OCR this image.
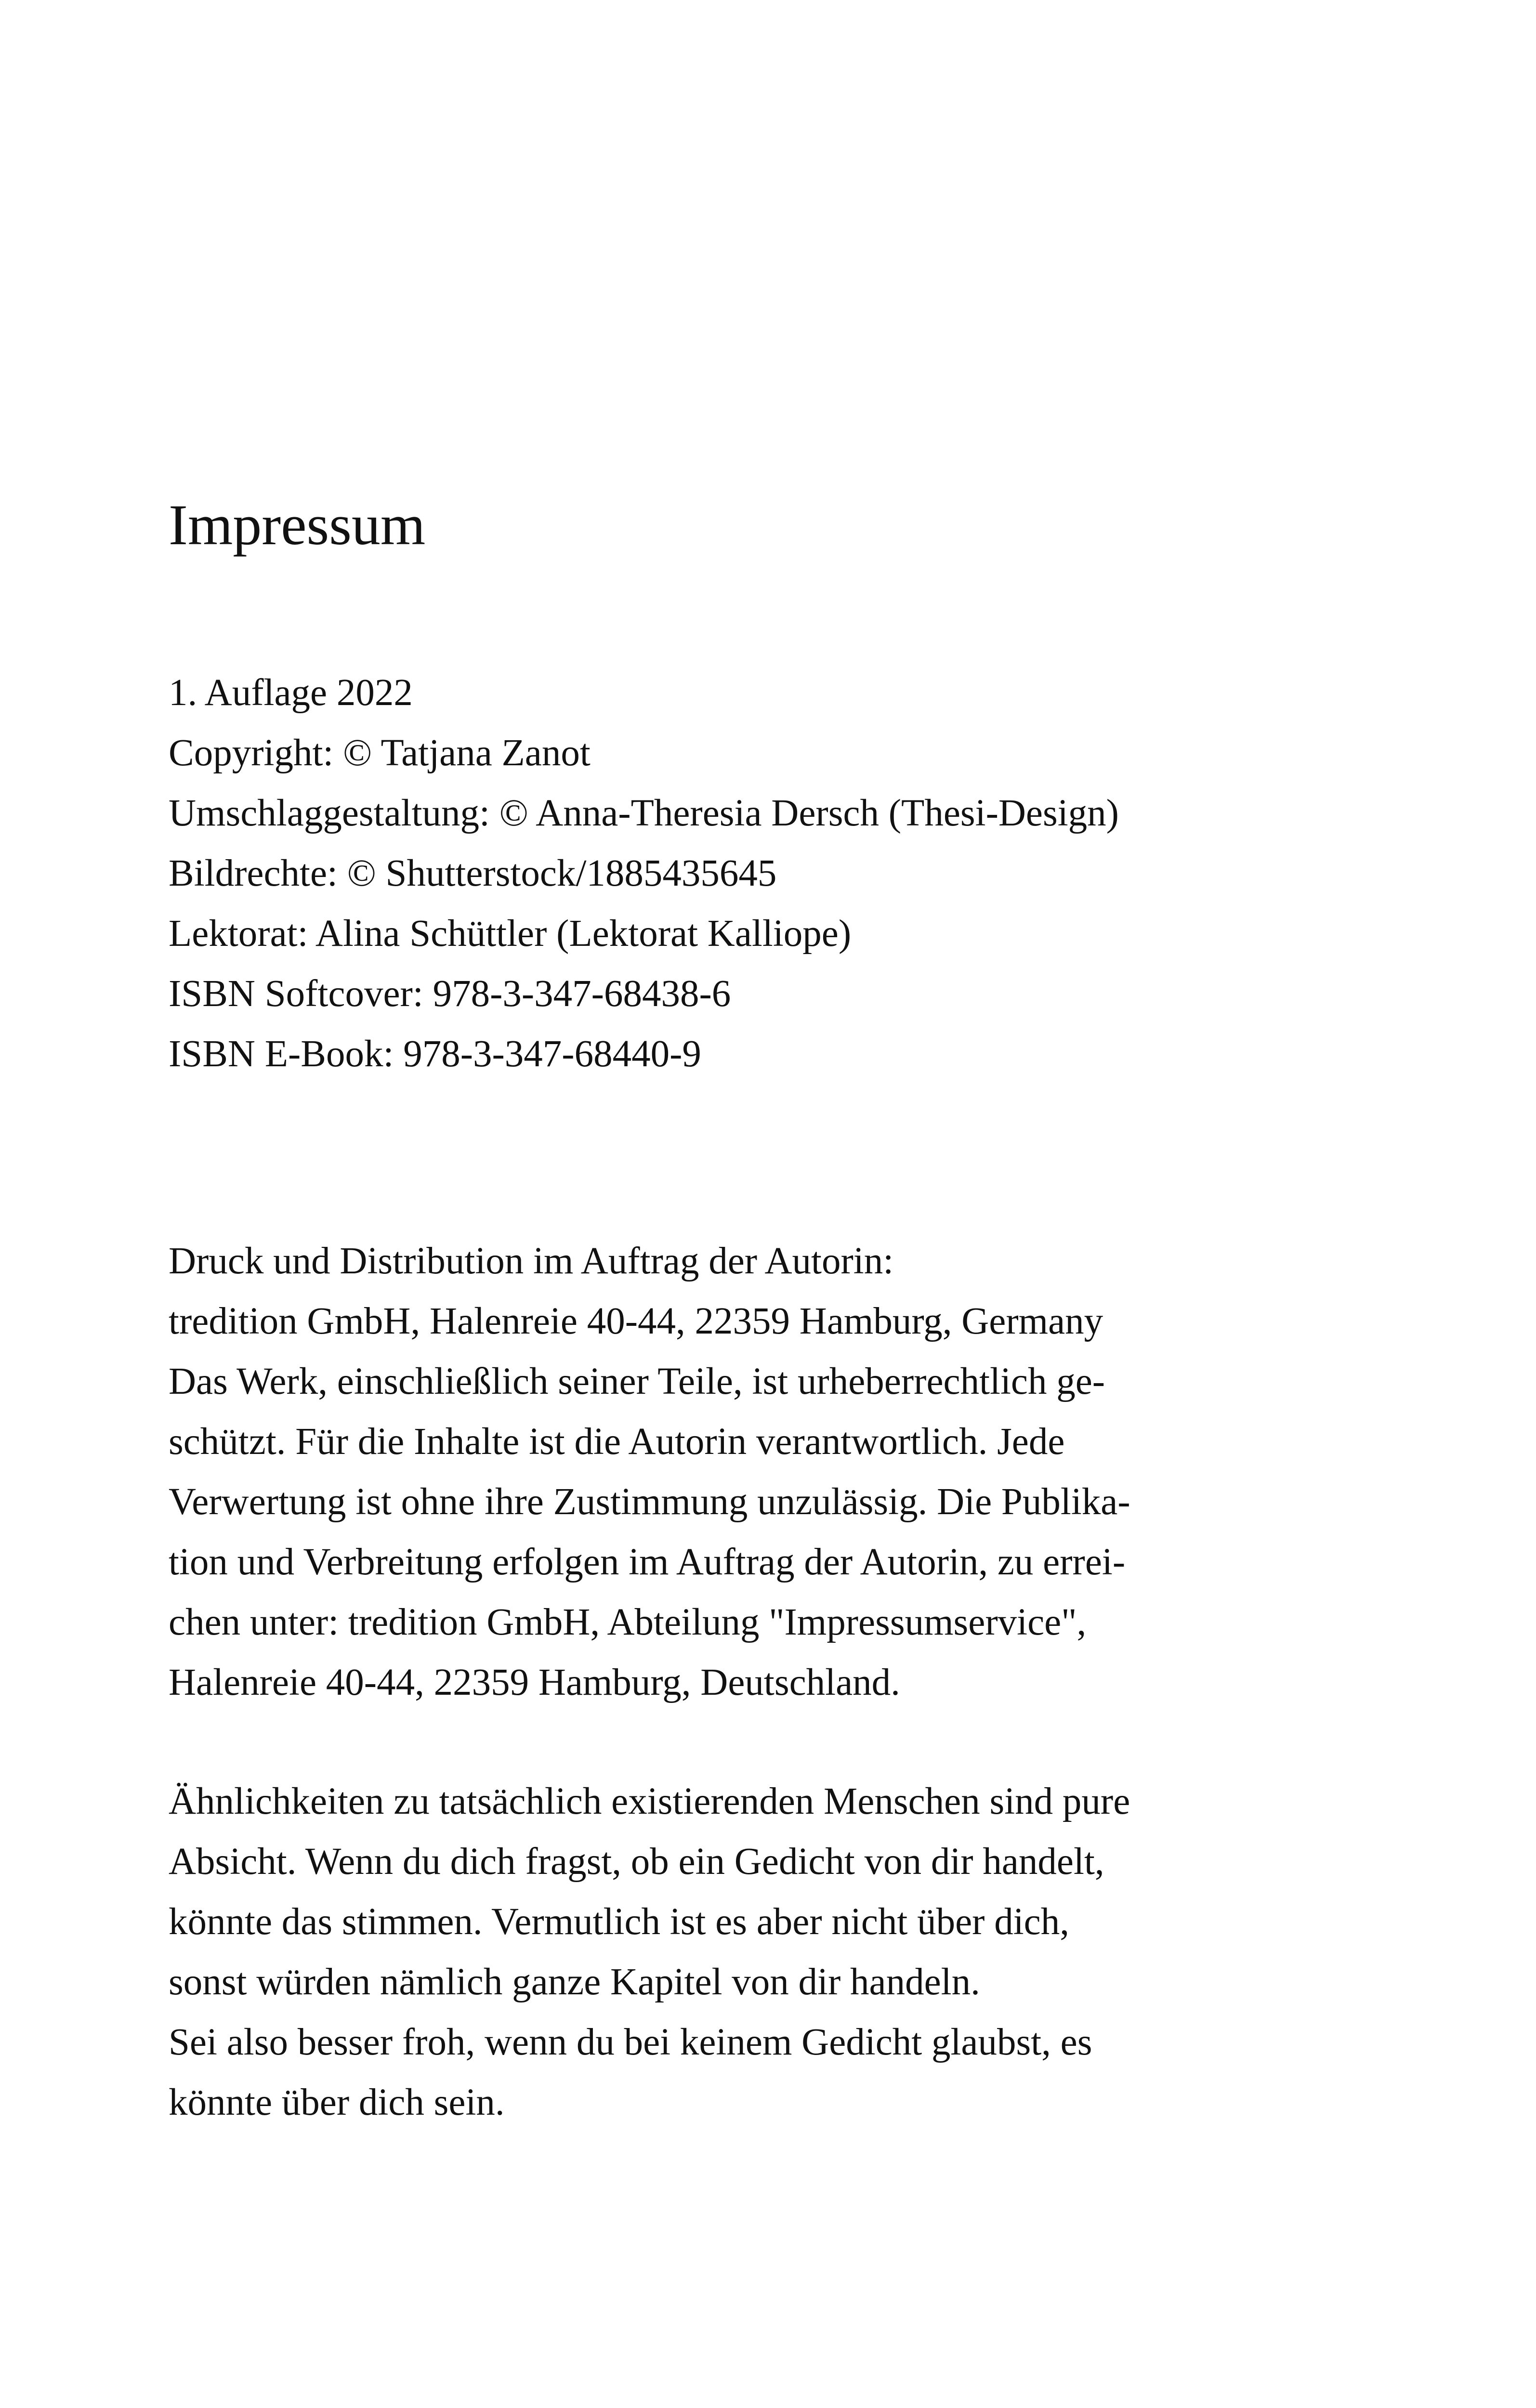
Impressum
1. Auflage 2022
Copyright: © Tatjana Zanot
Umschlaggestaltung: © Anna-Theresia Dersch (Thesi-Design)
Bildrechte: © Shutterstock/1885435645
Lektorat: Alina Schüttler (Lektorat Kalliope)
ISBN Softcover: 978-3-347-68438-6
ISBN E-Book: 978-3-347-68440-9
Druck und Distribution im Auftrag der Autorin:
tredition GmbH, Halenreie 40-44, 22359 Hamburg, Germany
Das Werk, einschließlich seiner Teile, ist urheberrechtlich ge-
schützt. Für die Inhalte ist die Autorin verantwortlich. Jede
Verwertung ist ohne ihre Zustimmung unzulässig. Die Publika-
tion und Verbreitung erfolgen im Auftrag der Autorin, zu errei-
chen unter: tredition GmbH, Abteilung "Impressumservice",
Halenreie 40-44, 22359 Hamburg, Deutschland.
Ähnlichkeiten zu tatsächlich existierenden Menschen sind pure
Absicht. Wenn du dich fragst, ob ein Gedicht von dir handelt,
könnte das stimmen. Vermutlich ist es aber nicht über dich,
sonst würden nämlich ganze Kapitel von dir handeln.
Sei also besser froh, wenn du bei keinem Gedicht glaubst, es
könnte über dich sein.
